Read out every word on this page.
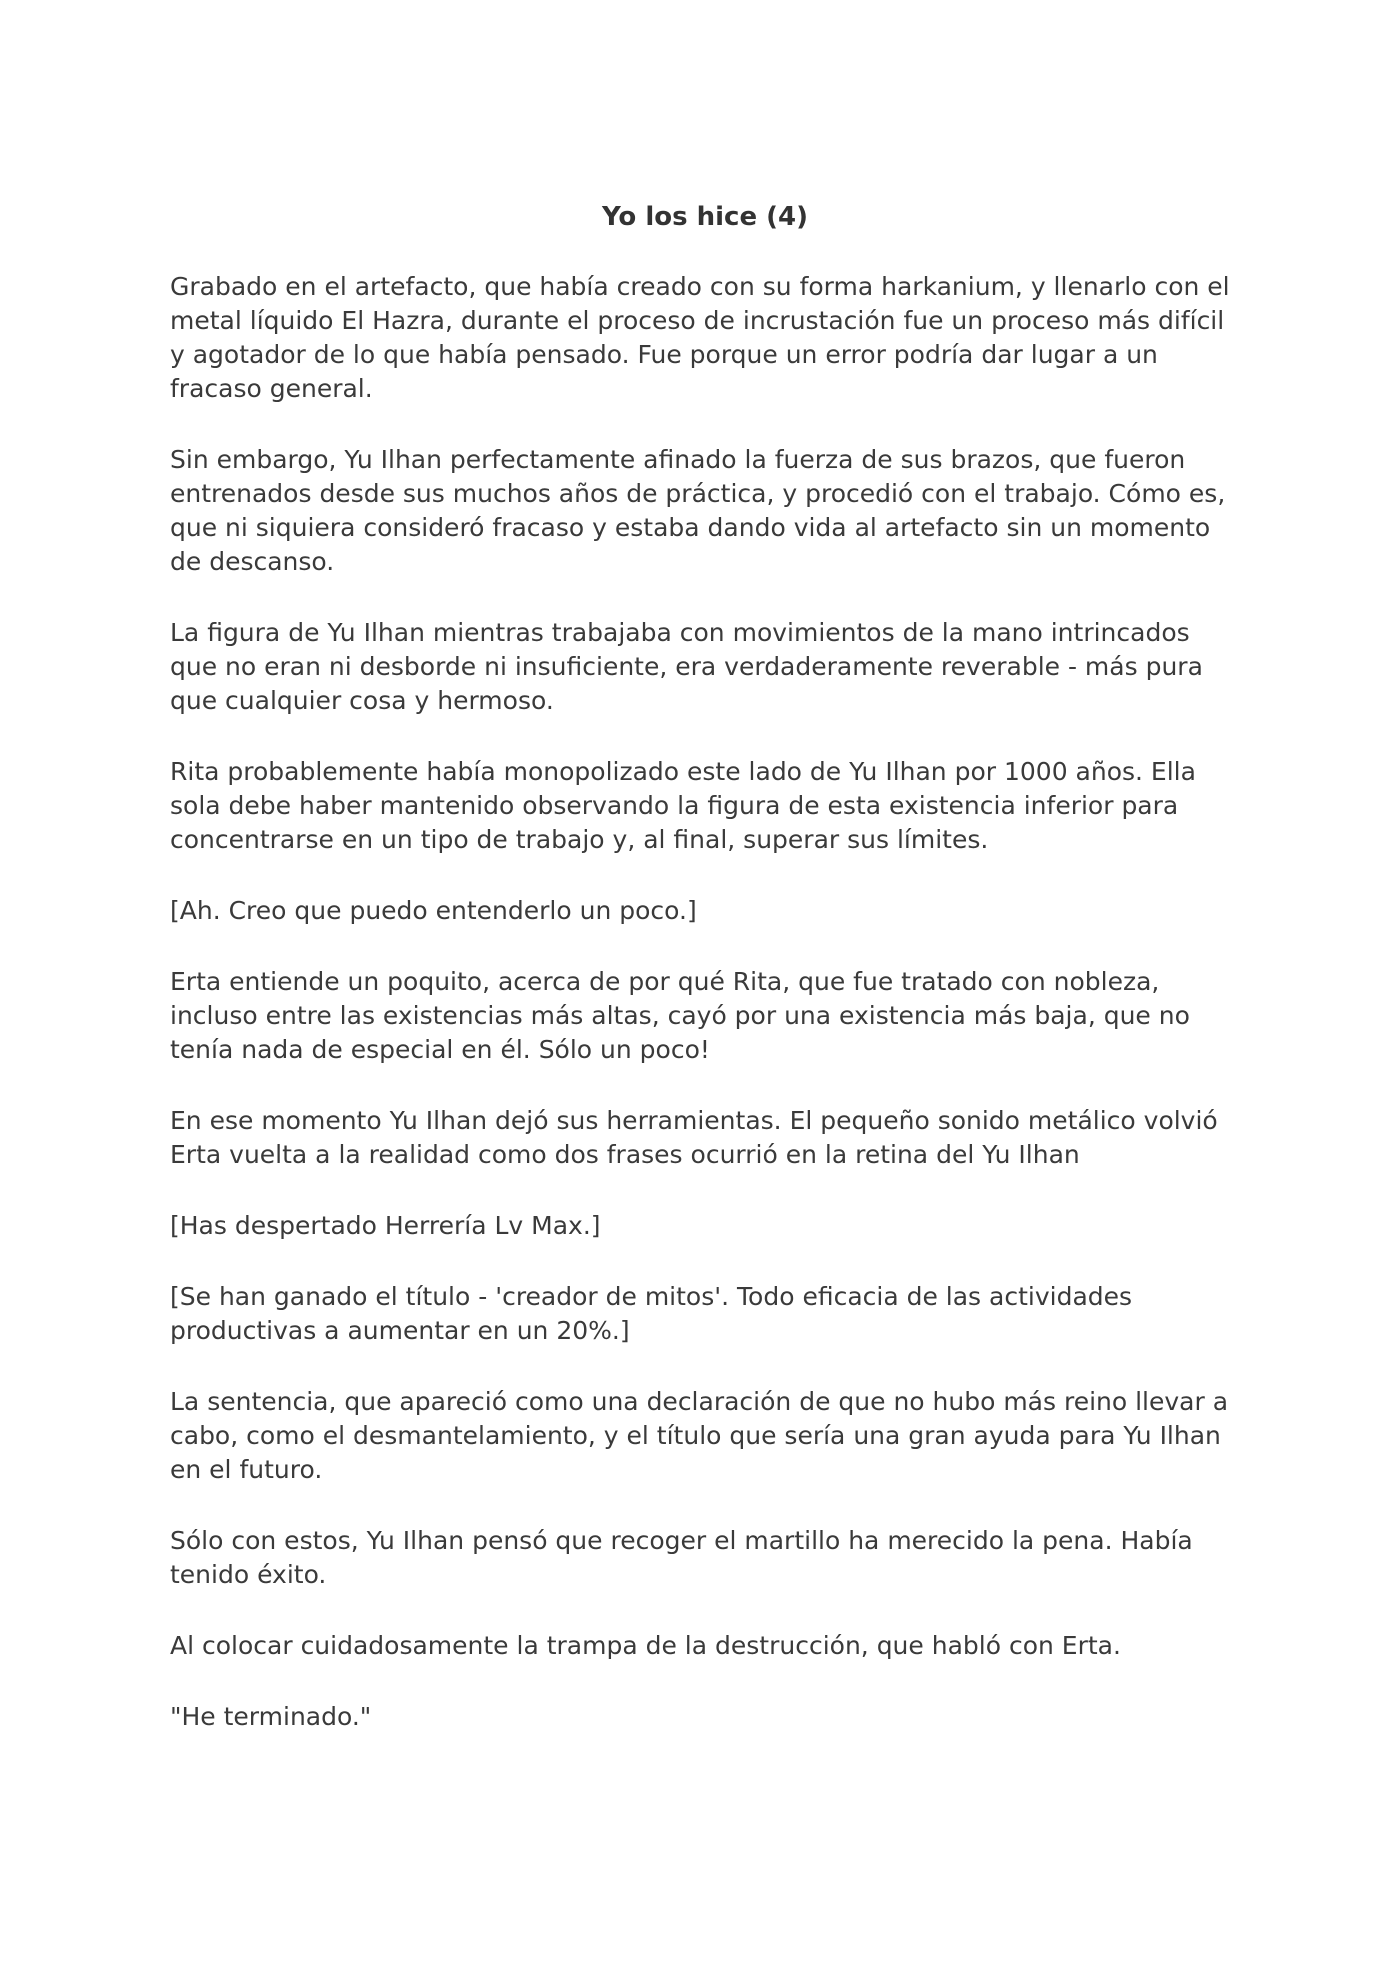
Yo los hice (4)

Grabado en el artefacto, que había creado con su forma harkanium, y llenarlo con el metal líquido El Hazra, durante el proceso de incrustación fue un proceso más difícil y agotador de lo que había pensado. Fue porque un error podría dar lugar a un fracaso general.

Sin embargo, Yu Ilhan perfectamente afinado la fuerza de sus brazos, que fueron entrenados desde sus muchos años de práctica, y procedió con el trabajo. Cómo es, que ni siquiera consideró fracaso y estaba dando vida al artefacto sin un momento de descanso.

La figura de Yu Ilhan mientras trabajaba con movimientos de la mano intrincados que no eran ni desborde ni insuficiente, era verdaderamente reverable - más pura que cualquier cosa y hermoso.

Rita probablemente había monopolizado este lado de Yu Ilhan por 1000 años. Ella sola debe haber mantenido observando la figura de esta existencia inferior para concentrarse en un tipo de trabajo y, al final, superar sus límites.

[Ah. Creo que puedo entenderlo un poco.]

Erta entiende un poquito, acerca de por qué Rita, que fue tratado con nobleza, incluso entre las existencias más altas, cayó por una existencia más baja, que no tenía nada de especial en él. Sólo un poco!

En ese momento Yu Ilhan dejó sus herramientas. El pequeño sonido metálico volvió Erta vuelta a la realidad como dos frases ocurrió en la retina del Yu Ilhan

[Has despertado Herrería Lv Max.]

[Se han ganado el título - 'creador de mitos'. Todo eficacia de las actividades productivas a aumentar en un 20%.]

La sentencia, que apareció como una declaración de que no hubo más reino llevar a cabo, como el desmantelamiento, y el título que sería una gran ayuda para Yu Ilhan en el futuro.

Sólo con estos, Yu Ilhan pensó que recoger el martillo ha merecido la pena. Había tenido éxito.

Al colocar cuidadosamente la trampa de la destrucción, que habló con Erta.

"He terminado."
